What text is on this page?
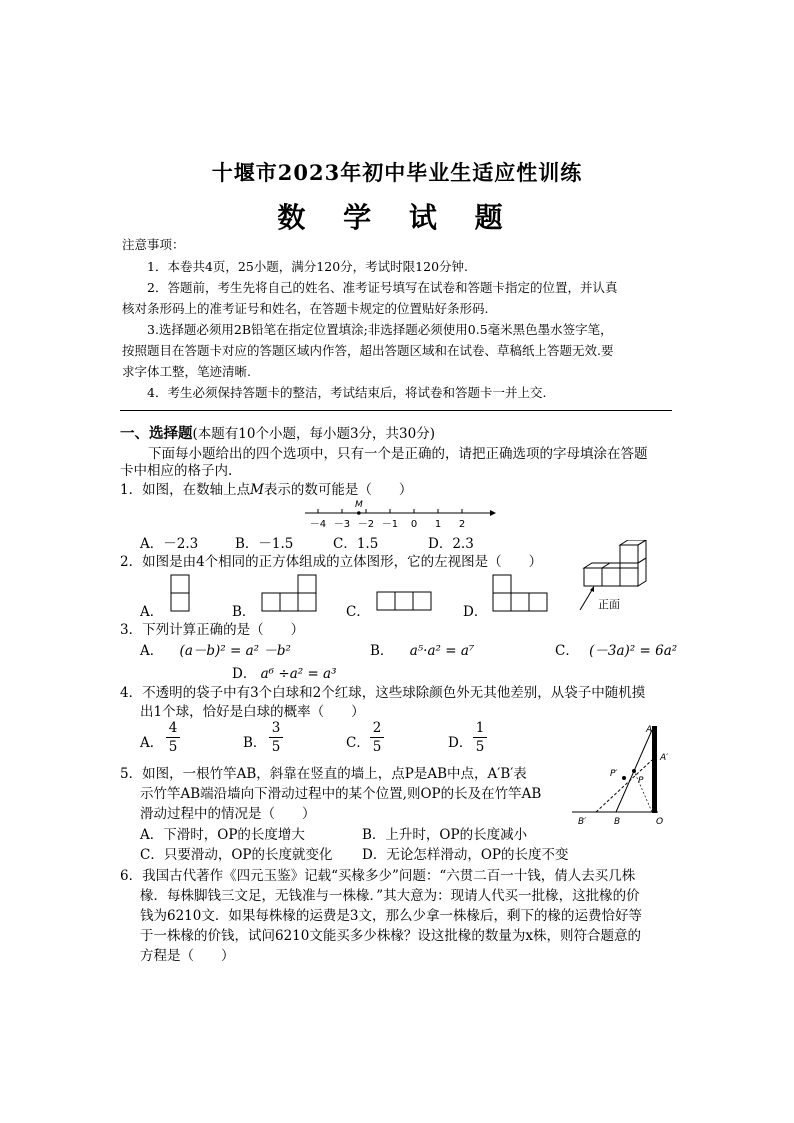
十堰市2023年初中毕业生适应性训练
数 学 试 题
注意事项：
1．本卷共4页，25小题，满分120分，考试时限120分钟.
2．答题前，考生先将自己的姓名、准考证号填写在试卷和答题卡指定的位置，并认真
核对条形码上的准考证号和姓名，在答题卡规定的位置贴好条形码.
3.选择题必须用2B铅笔在指定位置填涂;非选择题必须使用0.5毫米黑色墨水签字笔，
按照题目在答题卡对应的答题区域内作答，超出答题区域和在试卷、草稿纸上答题无效.要
求字体工整，笔迹清晰.
4．考生必须保持答题卡的整洁，考试结束后，将试卷和答题卡一并上交.
一、选择题(本题有10个小题，每小题3分，共30分)
下面每小题给出的四个选项中，只有一个是正确的，请把正确选项的字母填涂在答题
卡中相应的格子内.
1．如图，在数轴上点M表示的数可能是（　　）
M
－4 －3 －2 －1 0 1 2
A．－2.3	B．－1.5	C．1.5	D．2.3
2．如图是由4个相同的正方体组成的立体图形，它的左视图是（　　）
A．	B．	C．	D．	正面
3．下列计算正确的是（　　）
A． (a－b)² = a² －b²	B． a⁵·a² = a⁷	C． (－3a)² = 6a²
D． a⁶ ÷a² = a³
4．不透明的袋子中有3个白球和2个红球，这些球除颜色外无其他差别，从袋子中随机摸
出1个球，恰好是白球的概率（　　）
A．
4
5	B．
3
5	C．
2
5	D．
1
5
5．如图，一根竹竿AB，斜靠在竖直的墙上，点P是AB中点，A′B′表
示竹竿AB端沿墙向下滑动过程中的某个位置,则OP的长及在竹竿AB
滑动过程中的情况是（　　）
A．下滑时，OP的长度增大	B．上升时，OP的长度减小
C．只要滑动，OP的长度就变化 D．无论怎样滑动，OP的长度不变
A
A′
P
P′
B′	B	O
6．我国古代著作《四元玉鉴》记载“买椽多少”问题：“六贯二百一十钱，倩人去买几株
椽．每株脚钱三文足，无钱准与一株椽．”其大意为：现请人代买一批椽，这批椽的价
钱为6210文．如果每株椽的运费是3文，那么少拿一株椽后，剩下的椽的运费恰好等
于一株椽的价钱，试问6210文能买多少株椽？设这批椽的数量为x株，则符合题意的
方程是（　　）
